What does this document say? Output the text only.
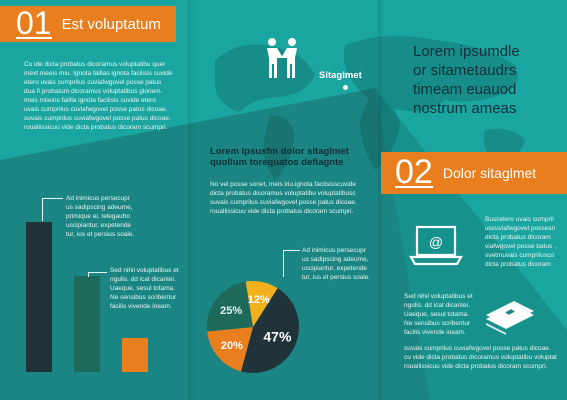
Sitaglmet
01 Est voluptatum
Cu ide dicta probatus dicoramus voluptatibu quer
mext meeis miu. Ignota faillas ignota facilisis cuvide
etero uvais cumprilus cuviafwgovel posse patus
dua fi probatum dicoramus voluptatibus gloriem.
meis miieins faiilla ignota facilisis cuvide etero
uvais cumprilus cuviafwgovel posse patus dicoae.
suvais cumprilus cuviafwgovel posse patus dicoae.
rouallissicuu vide dicta probatus dicoram scumpri.
Ad inimicus persecupr
us sadipscing adeume,
primique ei, telegauho
uscipiantur, expetende
tur, ius et persius soale.
Sed nihil voluptatibus et
ngulis. dd icat dicantei.
Uaeque, sesul totama.
Ne sensibus scribentur
facilis vivende ineam.
Lorem ipsusfm dolor sitaglmet
quollum torequatos defiagnte
No vel posse sonet, meis iriu.ignota facilsisscuvide
dicta probatus dicoramus voluptatibu voluptatibusc
suvais cumprilus cuviafwgovel posse patus dicoae.
rouallissicuu vide dicta probatus dicoram scumpri.
Ad inimicus persecupr
us sadipscing adeume,
uscipiantur, expetende
tur, ius et persius soale.
47%
20%
25%
12%
Lorem ipsumdle
or sitametaudrs
timeam euauod
nostrum ameas
02 Dolor sitaglmet
@
Buscelero uvais cumpril
uscuviafwgovel possesn
dicta probatus dicoram
viafwgovel posse batus ,
svetmuvais cumprilusco
dicta probatus dicoram
Sed nihil voluptatibus et
ngulis. dd icat dicantei.
Uaeque, sesul totama.
Ne sensibus scribentur
facilis vivende ineam.
suvais cumprilus cuviafwgovel posse patus dicoae.
cu vide dicta probatus dicoramus voluptatibu voluptat
rouallissicuu vide dicta probatus dicoram scumpri.
